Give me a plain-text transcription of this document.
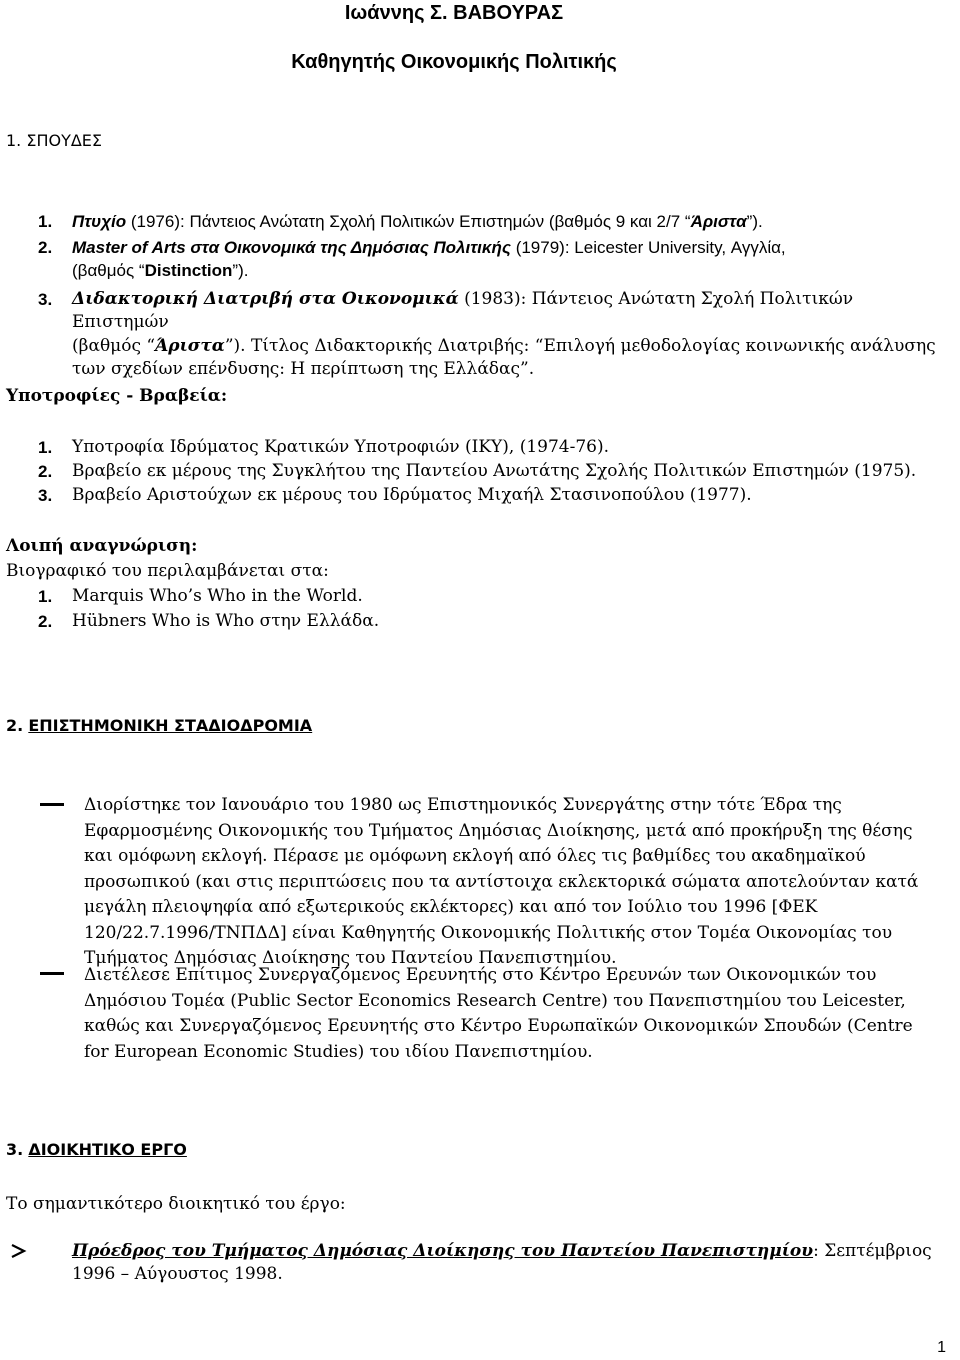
Ιωάννης Σ. ΒΑΒΟΥΡΑΣ
Καθηγητής Οικονομικής Πολιτικής
1. ΣΠΟΥΔΕΣ
1. Πτυχίο (1976): Πάντειος Ανώτατη Σχολή Πολιτικών Επιστημών (βαθμός 9 και 2/7 “Άριστα”).
2. Master of Arts στα Οικονομικά της Δημόσιας Πολιτικής (1979): Leicester University, Αγγλία,
(βαθμός “Distinction”).
3. Διδακτορική Διατριβή στα Οικονομικά (1983): Πάντειος Ανώτατη Σχολή Πολιτικών Επιστημών
(βαθμός “Άριστα”). Τίτλος Διδακτορικής Διατριβής: “Επιλογή μεθοδολογίας κοινωνικής ανάλυσης
των σχεδίων επένδυσης: Η περίπτωση της Ελλάδας”.
Υποτροφίες - Βραβεία:
1. Υποτροφία Ιδρύματος Κρατικών Υποτροφιών (ΙΚΥ), (1974-76).
2. Βραβείο εκ μέρους της Συγκλήτου της Παντείου Ανωτάτης Σχολής Πολιτικών Επιστημών (1975).
3. Βραβείο Αριστούχων εκ μέρους του Ιδρύματος Μιχαήλ Στασινοπούλου (1977).
Λοιπή αναγνώριση:
Βιογραφικό του περιλαμβάνεται στα:
1. Marquis Who’s Who in the World.
2. Hübners Who is Who στην Ελλάδα.
2. ΕΠΙΣΤΗΜΟΝΙΚΗ ΣΤΑΔΙΟΔΡΟΜΙΑ
Διορίστηκε τον Ιανουάριο του 1980 ως Επιστημονικός Συνεργάτης στην τότε Έδρα της
Εφαρμοσμένης Οικονομικής του Τμήματος Δημόσιας Διοίκησης, μετά από προκήρυξη της θέσης
και ομόφωνη εκλογή. Πέρασε με ομόφωνη εκλογή από όλες τις βαθμίδες του ακαδημαϊκού
προσωπικού (και στις περιπτώσεις που τα αντίστοιχα εκλεκτορικά σώματα αποτελούνταν κατά
μεγάλη πλειοψηφία από εξωτερικούς εκλέκτορες) και από τον Ιούλιο του 1996 [ΦΕΚ
120/22.7.1996/ΤΝΠΔΔ] είναι Καθηγητής Οικονομικής Πολιτικής στον Τομέα Οικονομίας του
Τμήματος Δημόσιας Διοίκησης του Παντείου Πανεπιστημίου.
Διετέλεσε Επίτιμος Συνεργαζόμενος Ερευνητής στο Κέντρο Ερευνών των Οικονομικών του
Δημόσιου Τομέα (Public Sector Economics Research Centre) του Πανεπιστημίου του Leicester,
καθώς και Συνεργαζόμενος Ερευνητής στο Κέντρο Ευρωπαϊκών Οικονομικών Σπουδών (Centre
for European Economic Studies) του ιδίου Πανεπιστημίου.
3. ΔΙΟΙΚΗΤΙΚΟ ΕΡΓΟ
Το σημαντικότερο διοικητικό του έργο:
Πρόεδρος του Τμήματος Δημόσιας Διοίκησης του Παντείου Πανεπιστημίου: Σεπτέμβριος
1996 – Αύγουστος 1998.
1
